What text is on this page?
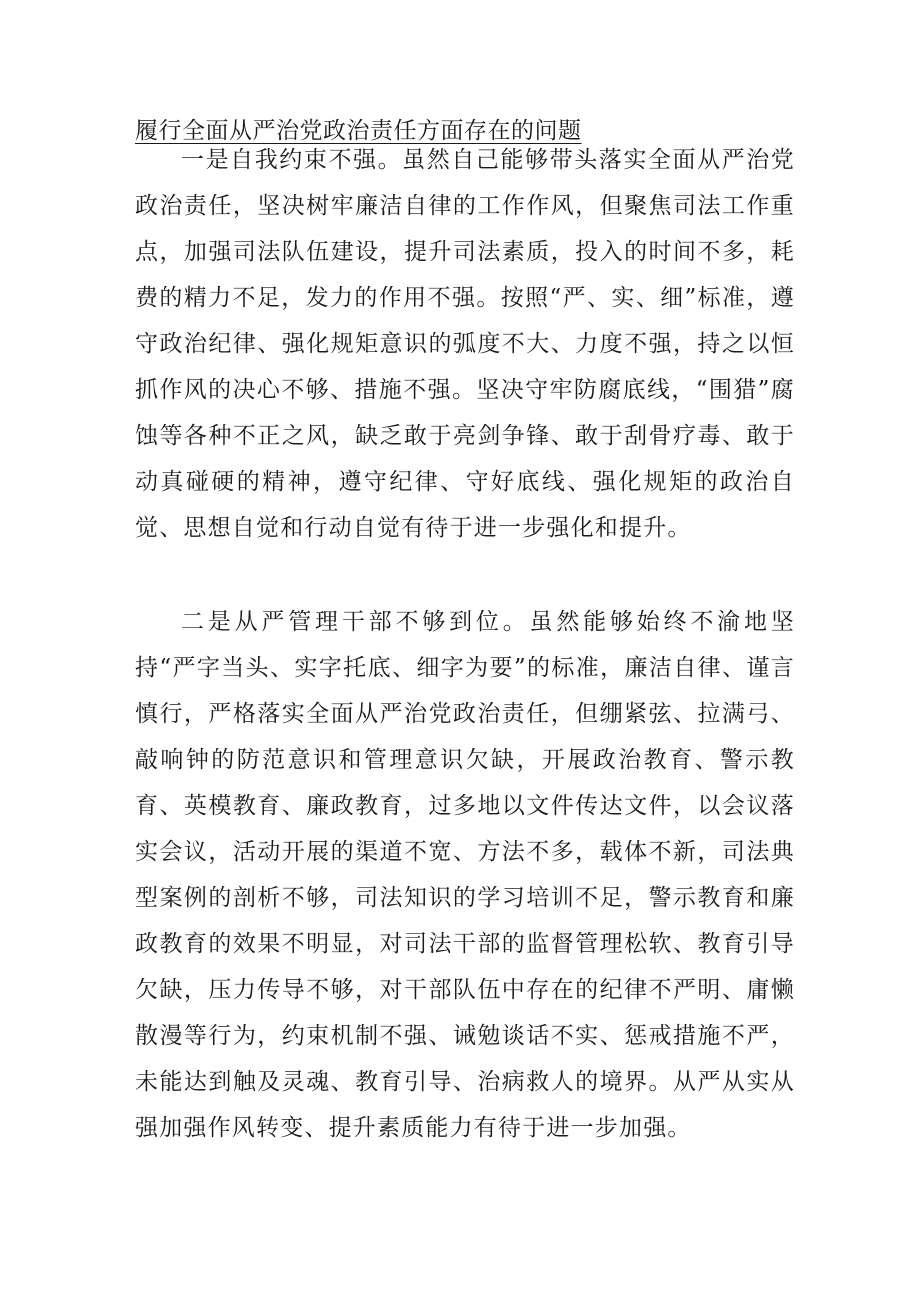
履行全面从严治党政治责任方面存在的问题

一是自我约束不强。虽然自己能够带头落实全面从严治党政治责任，坚决树牢廉洁自律的工作作风，但聚焦司法工作重点，加强司法队伍建设，提升司法素质，投入的时间不多，耗费的精力不足，发力的作用不强。按照“严、实、细”标准，遵守政治纪律、强化规矩意识的弧度不大、力度不强，持之以恒抓作风的决心不够、措施不强。坚决守牢防腐底线，“围猎”腐蚀等各种不正之风，缺乏敢于亮剑争锋、敢于刮骨疗毒、敢于动真碰硬的精神，遵守纪律、守好底线、强化规矩的政治自觉、思想自觉和行动自觉有待于进一步强化和提升。

二是从严管理干部不够到位。虽然能够始终不渝地坚持“严字当头、实字托底、细字为要”的标准，廉洁自律、谨言慎行，严格落实全面从严治党政治责任，但绷紧弦、拉满弓、敲响钟的防范意识和管理意识欠缺，开展政治教育、警示教育、英模教育、廉政教育，过多地以文件传达文件，以会议落实会议，活动开展的渠道不宽、方法不多，载体不新，司法典型案例的剖析不够，司法知识的学习培训不足，警示教育和廉政教育的效果不明显，对司法干部的监督管理松软、教育引导欠缺，压力传导不够，对干部队伍中存在的纪律不严明、庸懒散漫等行为，约束机制不强、诫勉谈话不实、惩戒措施不严，未能达到触及灵魂、教育引导、治病救人的境界。从严从实从强加强作风转变、提升素质能力有待于进一步加强。
